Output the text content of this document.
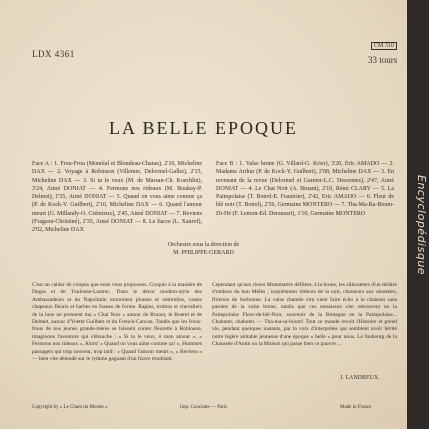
LDX 4361
CM 310
33 tours
LA BELLE EPOQUE
Face A : 1. Frou-Frou (Monréal et Blondeau-Chatau), 2'10, Micheline DAX — 2. Voyage à Robinson (Villemer, Delormel-Gallet), 2'15, Micheline DAX — 3. Si tu le veux (M. de Marsan-Ch. Koechlin), 3'24, Aimé DONIAT — 4. Fermons nos rideaux (M. Boukay-P. Delmet), 1'55, Aimé DONIAT — 5. Quand on vous aime comme ça (P. de Kock-V. Guilbert), 2'10, Micheline DAX — 6. Quand l'amour meurt (G. Millandy-O. Crémieux), 2'45, Aimé DONIAT — 7. Reviens (Fragson-Christiné), 2'35, Aimé DONIAT — 8. Le fiacre (L. Xanrof), 2'02, Micheline DAX
Face B : 1. Valse brune (G. Villard-G. Krier), 3'20, Eric AMADO — 2. Madame Arthur (P. de Kock-Y. Guilbert), 2'08, Micheline DAX — 3. En revenant de la revue (Delormel et Garnier-L.C. Desormes), 2'47, Aimé DONIAT — 4. Le Chat Noir (A. Bruant), 2'10, Rémi CLARY — 5. La Paimpolaise (T. Botrel-E. Feautrier), 2'42, Eric AMADO — 6. Fleur de blé noir (T. Botrel), 2'56, Germaine MONTERO — 7. Tha-Ma-Ra-Boum-Di-Hé (F. Lemon-Ed. Deransart), 1'10, Germaine MONTERO
Orchestre sous la direction de
M. PHILIPPE-GERARD
C'est un cahier de croquis que nous vous proposons. Croquis à la manière de Degas et de Toulouse-Lautrec. Dans le décor modern-style des Ambassadeurs et du Napolitain tournoient plumes et ombrelles, vastes chapeaux fleuris et barbes en fuseau de forme. Rapins, trottins et chevaliers de la lune ne prennent ma « Chat Noir » autour de Bruant, le Boerel et de Delmet, autour d'Yvette Guilbert et du French-Cancan. Tandis que les frous-frous de nos jeunes grands-mères se laissent conter fleurette à Robinson, imaginons l'aventure qui s'ébauche : « Si tu le veux, ô mon amour », « Fermons nos rideaux », Alors! « Quand on vous aime comme ça! », Hommes passagers qui trop souvent, trop tard : « Quand l'amour meurt », « Reviens » — bien vite démodé sur le rythme gagnant d'un fiacre troublant.
Cependant qu'aux rieurs Montmartre défilent, à la brune, les silhouettes d'un théâtre d'ombres du bon Mélès ; inquiétantes rôdeurs de la nuit, chasseurs aux alouettes, flirteurs de Sorbonne. La valse chantée s'en vient faire écho à la chanson sans paroles de la valse brune, tandis que ces messieurs s'en retrouvent ou la Paimpolaise Fleur-de-blé-Noir, souvenir de la Bretagne en la Paimpolaise... Chahuter, chahutez — Tha-ma-ra-boum! Tout ce monde revoit l'Histoire et prend vie, pendant quelques instants, par la voix d'interprètes qui semblent avoir hérité notre légère aimable jeunesse d'une époque « belle » pour nous. Le faubourg de la Chaussée d'Antin ou la Maison qui passe bien ce pauvre ...
J. LANDREUX.
Copyright by « Le Chant du Monde ».	Imp. Couclatte — Paris	Made in France
Encyclopédisque
